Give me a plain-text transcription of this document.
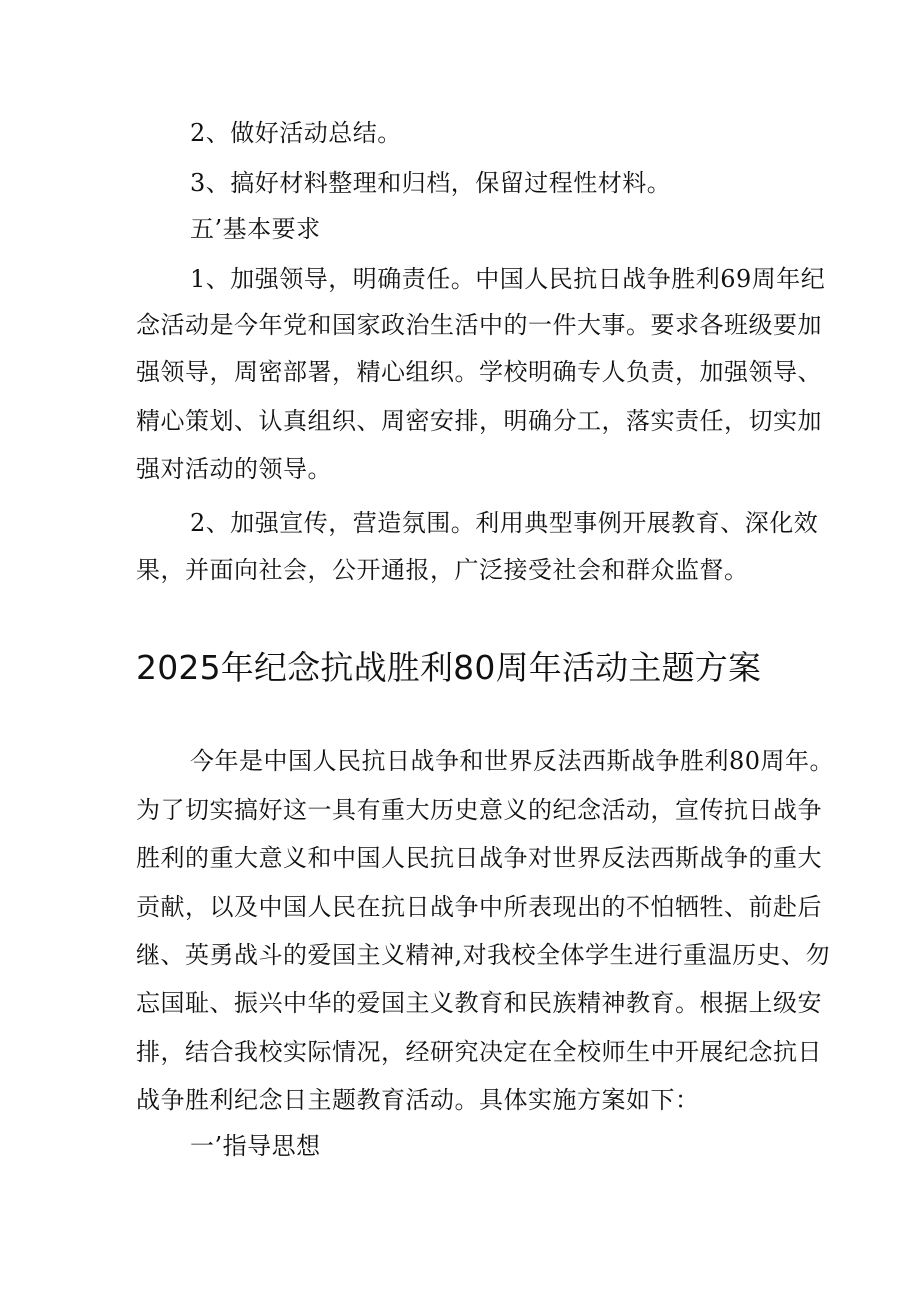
2、做好活动总结。
3、搞好材料整理和归档，保留过程性材料。
五’基本要求
1、加强领导，明确责任。中国人民抗日战争胜利69周年纪
念活动是今年党和国家政治生活中的一件大事。要求各班级要加
强领导，周密部署，精心组织。学校明确专人负责，加强领导、
精心策划、认真组织、周密安排，明确分工，落实责任，切实加
强对活动的领导。
2、加强宣传，营造氛围。利用典型事例开展教育、深化效
果，并面向社会，公开通报，广泛接受社会和群众监督。
2025年纪念抗战胜利80周年活动主题方案
今年是中国人民抗日战争和世界反法西斯战争胜利80周年。
为了切实搞好这一具有重大历史意义的纪念活动，宣传抗日战争
胜利的重大意义和中国人民抗日战争对世界反法西斯战争的重大
贡献，以及中国人民在抗日战争中所表现出的不怕牺牲、前赴后
继、英勇战斗的爱国主义精神,对我校全体学生进行重温历史、勿
忘国耻、振兴中华的爱国主义教育和民族精神教育。根据上级安
排，结合我校实际情况，经研究决定在全校师生中开展纪念抗日
战争胜利纪念日主题教育活动。具体实施方案如下：
一’指导思想
